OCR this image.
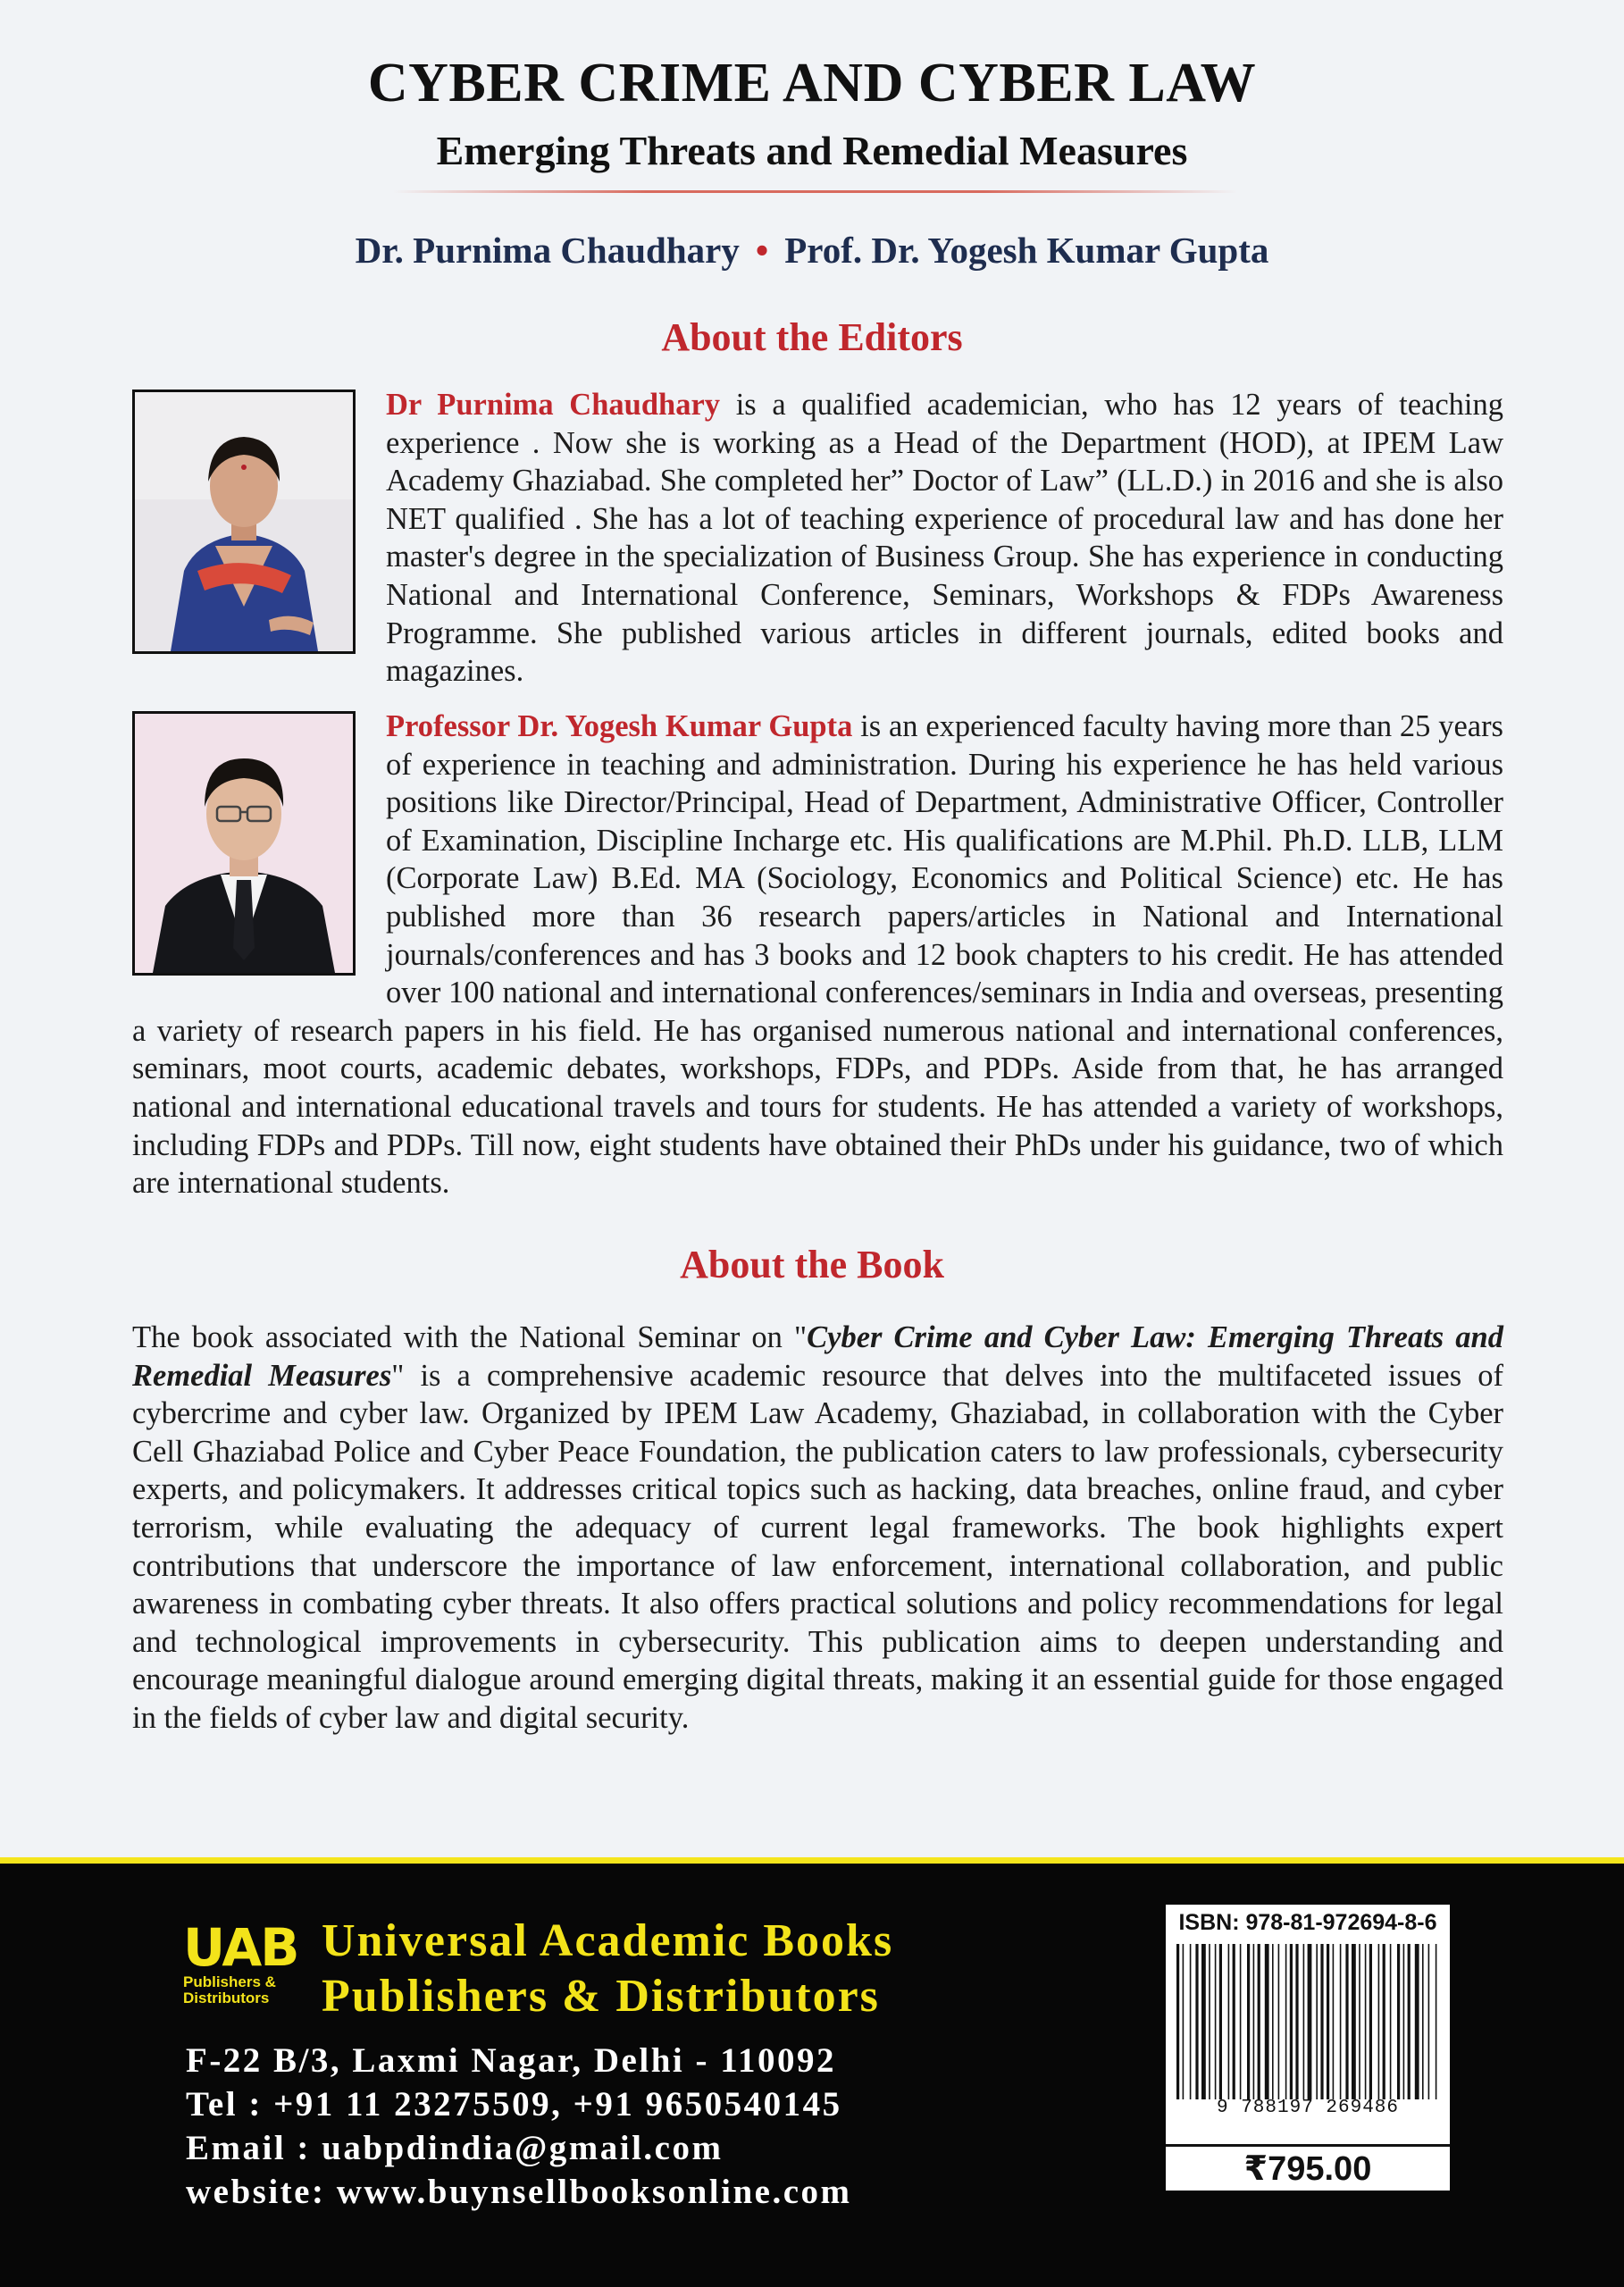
CYBER CRIME AND CYBER LAW
Emerging Threats and Remedial Measures
Dr. Purnima Chaudhary • Prof. Dr. Yogesh Kumar Gupta
About the Editors
Dr Purnima Chaudhary is a qualified academician, who has 12 years of teaching experience . Now she is working as a Head of the Department (HOD), at IPEM Law Academy Ghaziabad. She completed her” Doctor of Law” (LL.D.) in 2016 and she is also NET qualified . She has a lot of teaching experience of procedural law and has done her master's degree in the specialization of Business Group. She has experience in conducting National and International Conference, Seminars, Workshops & FDPs Awareness Programme. She published various articles in different journals, edited books and magazines.
Professor Dr. Yogesh Kumar Gupta is an experienced faculty having more than 25 years of experience in teaching and administration. During his experience he has held various positions like Director/Principal, Head of Department, Administrative Officer, Controller of Examination, Discipline Incharge etc. His qualifications are M.Phil. Ph.D. LLB, LLM (Corporate Law) B.Ed. MA (Sociology, Economics and Political Science) etc. He has published more than 36 research papers/articles in National and International journals/conferences and has 3 books and 12 book chapters to his credit. He has attended over 100 national and international conferences/seminars in India and overseas, presenting a variety of research papers in his field. He has organised numerous national and international conferences, seminars, moot courts, academic debates, workshops, FDPs, and PDPs. Aside from that, he has arranged national and international educational travels and tours for students. He has attended a variety of workshops, including FDPs and PDPs. Till now, eight students have obtained their PhDs under his guidance, two of which are international students.
About the Book
The book associated with the National Seminar on "Cyber Crime and Cyber Law: Emerging Threats and Remedial Measures" is a comprehensive academic resource that delves into the multifaceted issues of cybercrime and cyber law. Organized by IPEM Law Academy, Ghaziabad, in collaboration with the Cyber Cell Ghaziabad Police and Cyber Peace Foundation, the publication caters to law professionals, cybersecurity experts, and policymakers. It addresses critical topics such as hacking, data breaches, online fraud, and cyber terrorism, while evaluating the adequacy of current legal frameworks. The book highlights expert contributions that underscore the importance of law enforcement, international collaboration, and public awareness in combating cyber threats. It also offers practical solutions and policy recommendations for legal and technological improvements in cybersecurity. This publication aims to deepen understanding and encourage meaningful dialogue around emerging digital threats, making it an essential guide for those engaged in the fields of cyber law and digital security.
UAB
Publishers &
Distributors
Universal Academic Books
Publishers & Distributors
F-22 B/3, Laxmi Nagar, Delhi - 110092
Tel : +91 11 23275509, +91 9650540145
Email : uabpdindia@gmail.com
website: www.buynsellbooksonline.com
ISBN: 978-81-972694-8-6
9 788197 269486
₹795.00
